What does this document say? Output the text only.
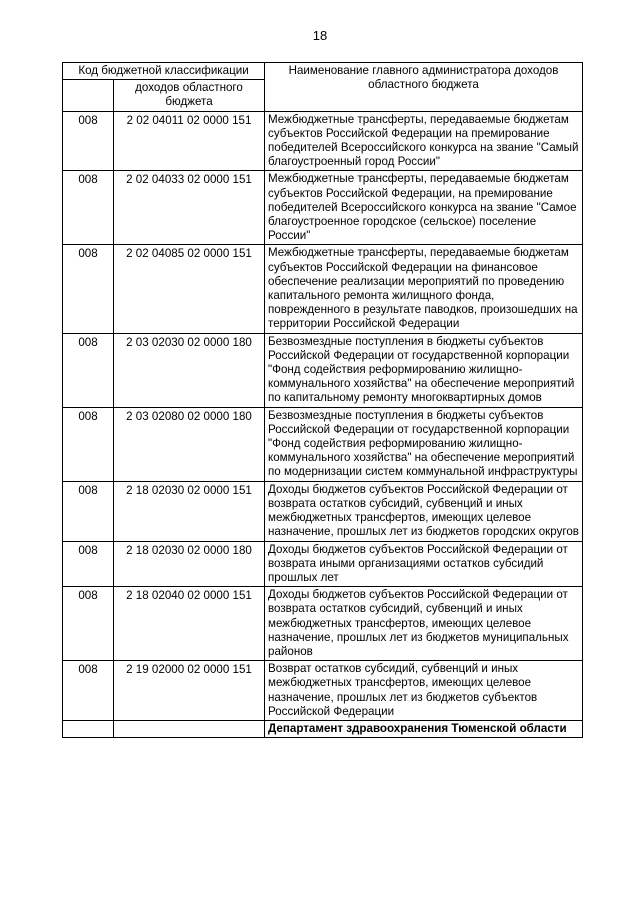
18
Код бюджетной классификации		Наименование главного администратора доходов областного бюджета
	доходов областного бюджета	
008	2 02 04011 02 0000 151	Межбюджетные трансферты, передаваемые бюджетам субъектов Российской Федерации на премирование победителей Всероссийского конкурса на звание "Самый благоустроенный город России"
008	2 02 04033 02 0000 151	Межбюджетные трансферты, передаваемые бюджетам субъектов Российской Федерации, на премирование победителей Всероссийского конкурса на звание "Самое благоустроенное городское (сельское) поселение России"
008	2 02 04085 02 0000 151	Межбюджетные трансферты, передаваемые бюджетам субъектов Российской Федерации на финансовое обеспечение реализации мероприятий по проведению капитального ремонта жилищного фонда, поврежденного в результате паводков, произошедших на территории Российской Федерации
008	2 03 02030 02 0000 180	Безвозмездные поступления в бюджеты субъектов Российской Федерации от государственной корпорации "Фонд содействия реформированию жилищно-коммунального хозяйства" на обеспечение мероприятий по капитальному ремонту многоквартирных домов
008	2 03 02080 02 0000 180	Безвозмездные поступления в бюджеты субъектов Российской Федерации от государственной корпорации "Фонд содействия реформированию жилищно-коммунального хозяйства" на обеспечение мероприятий по модернизации систем коммунальной инфраструктуры
008	2 18 02030 02 0000 151	Доходы бюджетов субъектов Российской Федерации от возврата остатков субсидий, субвенций и иных межбюджетных трансфертов, имеющих целевое назначение, прошлых лет из бюджетов городских округов
008	2 18 02030 02 0000 180	Доходы бюджетов субъектов Российской Федерации от возврата иными организациями остатков субсидий прошлых лет
008	2 18 02040 02 0000 151	Доходы бюджетов субъектов Российской Федерации от возврата остатков субсидий, субвенций и иных межбюджетных трансфертов, имеющих целевое назначение, прошлых лет из бюджетов муниципальных районов
008	2 19 02000 02 0000 151	Возврат остатков субсидий, субвенций и иных межбюджетных трансфертов, имеющих целевое назначение, прошлых лет из бюджетов субъектов Российской Федерации
		Департамент здравоохранения Тюменской области
